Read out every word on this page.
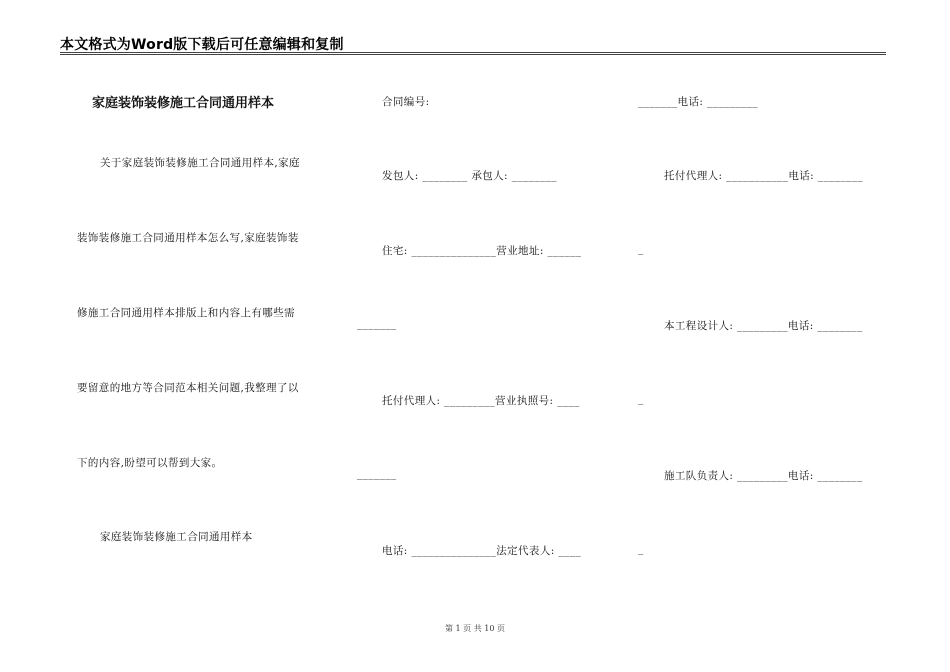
本文格式为Word版下载后可任意编辑和复制
家庭装饰装修施工合同通用样本
关于家庭装饰装修施工合同通用样本,家庭
装饰装修施工合同通用样本怎么写,家庭装饰装
修施工合同通用样本排版上和内容上有哪些需
要留意的地方等合同范本相关问题,我整理了以
下的内容,盼望可以帮到大家。
家庭装饰装修施工合同通用样本
合同编号:
发包人: ________ 承包人: ________
住宅: _______________营业地址: ______
_______
托付代理人: _________营业执照号: ____
_______
电话: _______________法定代表人: ____
_______电话: _________
托付代理人: ___________电话: ________
_
本工程设计人: _________电话: ________
_
施工队负责人: _________电话: ________
_
第 1 页 共 10 页
